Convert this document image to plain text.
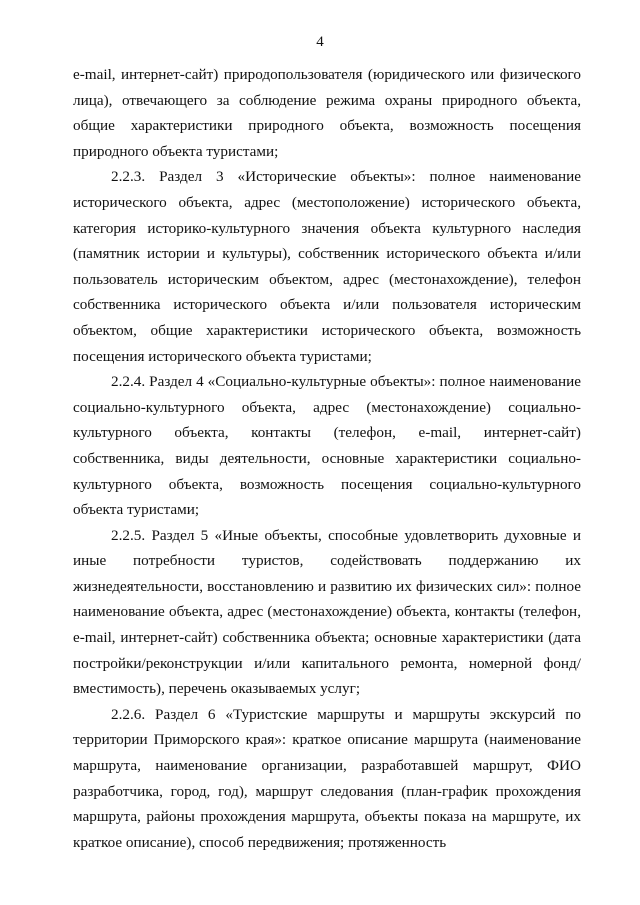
4

e-mail, интернет-сайт) природопользователя (юридического или физического лица), отвечающего за соблюдение режима охраны природного объекта, общие характеристики природного объекта, возможность посещения природного объекта туристами;

2.2.3. Раздел 3 «Исторические объекты»: полное наименование исторического объекта, адрес (местоположение) исторического объекта, категория историко-культурного значения объекта культурного наследия (памятник истории и культуры), собственник исторического объекта и/или пользователь историческим объектом, адрес (местонахождение), телефон собственника исторического объекта и/или пользователя историческим объектом, общие характеристики исторического объекта, возможность посещения исторического объекта туристами;

2.2.4. Раздел 4 «Социально-культурные объекты»: полное наименование социально-культурного объекта, адрес (местонахождение) социально-культурного объекта, контакты (телефон, e-mail, интернет-сайт) собственника, виды деятельности, основные характеристики социально-культурного объекта, возможность посещения социально-культурного объекта туристами;

2.2.5. Раздел 5 «Иные объекты, способные удовлетворить духовные и иные потребности туристов, содействовать поддержанию их жизнедеятельности, восстановлению и развитию их физических сил»: полное наименование объекта, адрес (местонахождение) объекта, контакты (телефон, e-mail, интернет-сайт) собственника объекта; основные характеристики (дата постройки/реконструкции и/или капитального ремонта, номерной фонд/вместимость), перечень оказываемых услуг;

2.2.6. Раздел 6 «Туристские маршруты и маршруты экскурсий по территории Приморского края»: краткое описание маршрута (наименование маршрута, наименование организации, разработавшей маршрут, ФИО разработчика, город, год), маршрут следования (план-график прохождения маршрута, районы прохождения маршрута, объекты показа на маршруте, их краткое описание), способ передвижения; протяженность
